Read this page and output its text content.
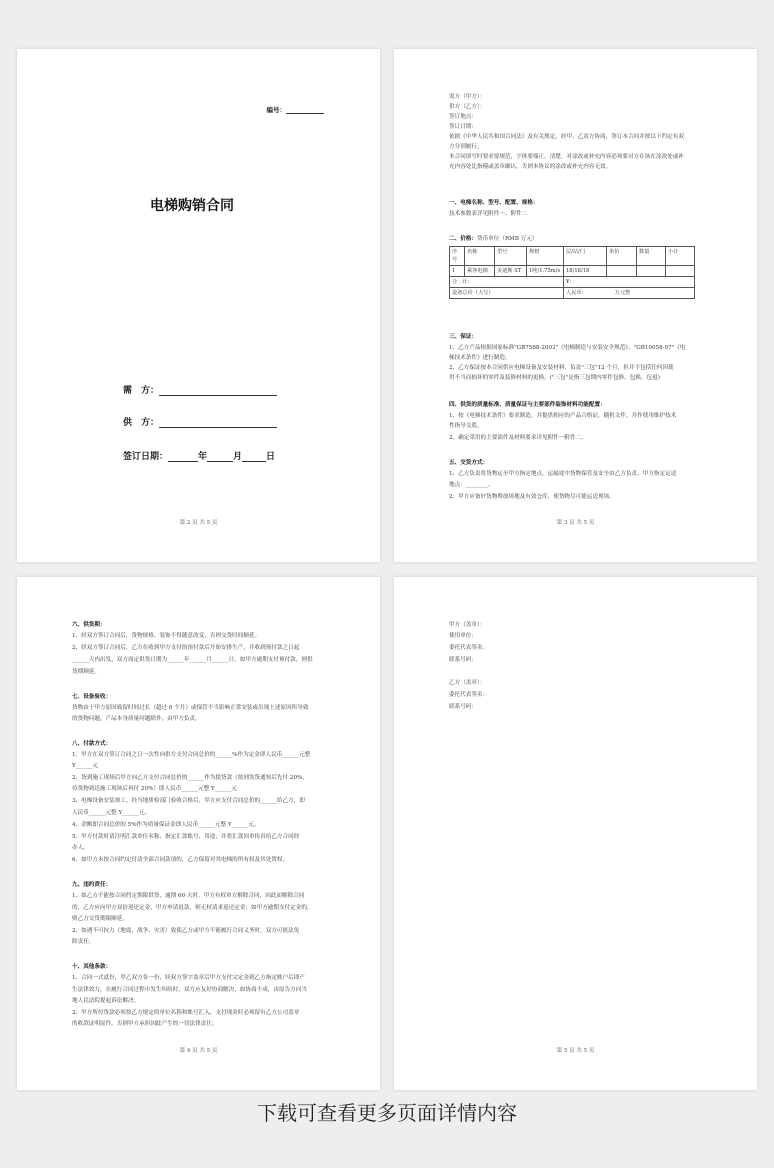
编号：
电梯购销合同
需　方：
供　方：
签订日期：	年	月	日
第 2 页 共 5 页
需方（甲方）：
供方（乙方）：
签订地点：
签订日期：
依据《中华人民共和国合同法》及有关规定，经甲、乙双方协商，签订本合同并按以下约定有双
方分别履行。
本合同填写时要求要规范，字体要端正、清楚，对涂改或补充内容必须要对方在场在涂改处或补
充内容处比指模或盖章确认，否则本协议的涂改或补充内容无效。
一、电梯名称、型号、配置、规格：
技术参数表详见附件一、附件二
二、价格：货币单位（RMB 万元）
序号	名称	型号	规格	层/站/门	单价	数量	小计
1	乘客电梯	美迪斯 ST	1吨/1.75m/s	18/18/18			
合　计：				¥：			
设备总价（大写）				人民币： 万元整			
三、保证：
1、乙方产品根据国家标准"GB7588-2003"《电梯制造与安装安全规范》、"GB10058-97"《电
梯技术条件》进行制造。
2、乙方保证按本合同供应电梯设备及安装材料，负责"三包"12 个月，但并不包括任何因使
用不当而损坏的零件及装修材料的更换。("三包"是指三包期内零件包修、包换、包退)
四、供货的质量标准、质量保证与主要部件装饰材料功能配置：
1、按《电梯技术条件》要求制造，并提供相应的产品合格证，随机文件，并作使用维护技术
性指导交底。
2、确定采用的主要部件及材料要求详见附件一附件二。
五、交货方式：
1、乙方负责将货物运至甲方指定地点，运输途中货物保管及安全由乙方负责，甲方指定运送
地点：________。
2、甲方应备好货物堆放场地及有效仓库，使货物尽可能运送现场。
第 3 页 共 5 页
六、供货期：
1、经双方签订合同后，货物规格、装饰不得随意改变，否则交货时间顺延。
2、经双方签订合同后，乙方在收到甲方支付的预付款后开始安排生产，并收到预付款之日起
______天内出发，双方商定供货日期为______年______月______日。如甲方逾期支付预付款，则供
货期顺延。
七、设备验收：
货物由于甲方原因致留时间过长（超过 6 个月）或保管不当影响正常安装或出现上述原因所导致
的货物问题，产品本身质量问题除外，由甲方负责。
八、付款方式：
1、甲方在双方签订合同之日一次性向供方支付合同总价的______%作为定金即人民币______元整
Y______元
2、货到施工现场后甲方向乙方支付合同总价的______作为提货款（按到发货通知后先付 20%，
待货物到达施工现场后再付 20%）即人民币______元整 Y______元
3、电梯设备安装竣工，经当地质检部门验收合格后，甲方应支付合同总价的______给乙方，即
人民币______元整 Y______元。
4、余额即合同总价的 5%作为质量保证金即人民币______元整 Y______元。
5、甲方付款时请注明汇款单位名称、指定汇款账号、用途，并将汇款回单传真给乙方合同经
办人。
6、如甲方未按合同约定付清全部合同款项的，乙方保留对其电梯的所有权及其处置权。
九、违约责任：
1、如乙方不能按合同约定期限供货，逾期 60 天时，甲方有权单方解除合同，因此而解除合同
的，乙方应向甲方双倍返还定金，甲方申请退款，则无权请求返还定金；如甲方逾期支付定金的，
则乙方交货期限顺延。
2、如遇不可抗力（地震、战争、灾害）致使乙方或甲方不能履行合同义务时，双方可依法免
除责任。
十、其他条款：
1、合同一式贰份，甲乙双方各一份，经双方签字盖章后甲方支付完定金到乙方指定账户后即产
生法律效力，在履行合同过程中发生纠纷时，双方应友好协商解决，如协商不成，由原告方向当
地人民法院提起诉讼解决。
2、甲方所付货款必须按乙方规定的单位名称和账号汇入，支付现金时必须留有乙方公司盖章
的收款证明原件，否则甲方承担因此产生的一切法律责任。
第 4 页 共 5 页
甲方（盖章）：
使用单位：
委托代表签名：
联系号码：
乙方（盖章）：
委托代表签名：
联系号码：
第 5 页 共 5 页
下载可查看更多页面详情内容
